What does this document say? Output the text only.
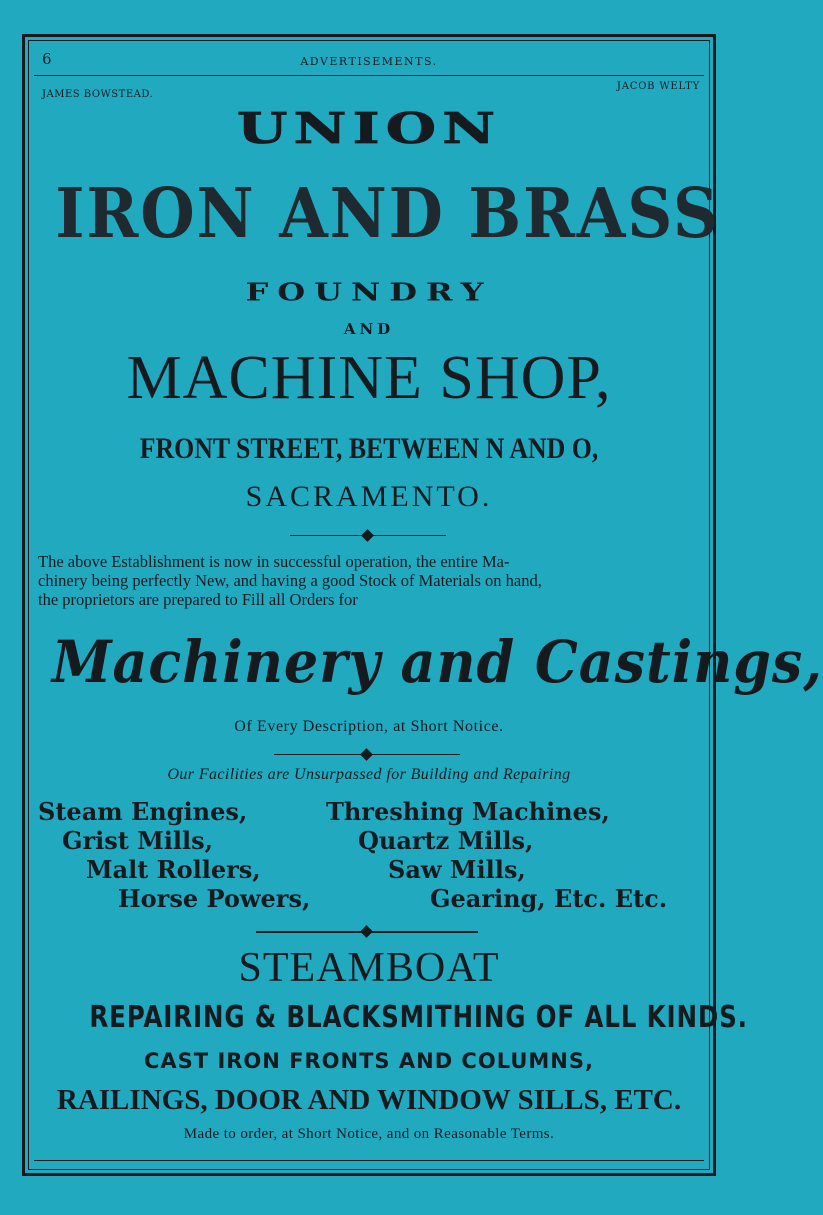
6	ADVERTISEMENTS.
JAMES BOWSTEAD.
JACOB WELTY
UNION
IRON AND BRASS
FOUNDRY
AND
MACHINE SHOP,
FRONT STREET, BETWEEN N AND O,
SACRAMENTO.
The above Establishment is now in successful operation, the entire Ma-
chinery being perfectly New, and having a good Stock of Materials on hand,
the proprietors are prepared to Fill all Orders for
Machinery and Castings,
Of Every Description, at Short Notice.
Our Facilities are Unsurpassed for Building and Repairing
Steam Engines,
Grist Mills,
Malt Rollers,
Horse Powers,
Threshing Machines,
Quartz Mills,
Saw Mills,
Gearing, Etc. Etc.
STEAMBOAT
REPAIRING & BLACKSMITHING OF ALL KINDS.
CAST IRON FRONTS AND COLUMNS,
RAILINGS, DOOR AND WINDOW SILLS, ETC.
Made to order, at Short Notice, and on Reasonable Terms.
